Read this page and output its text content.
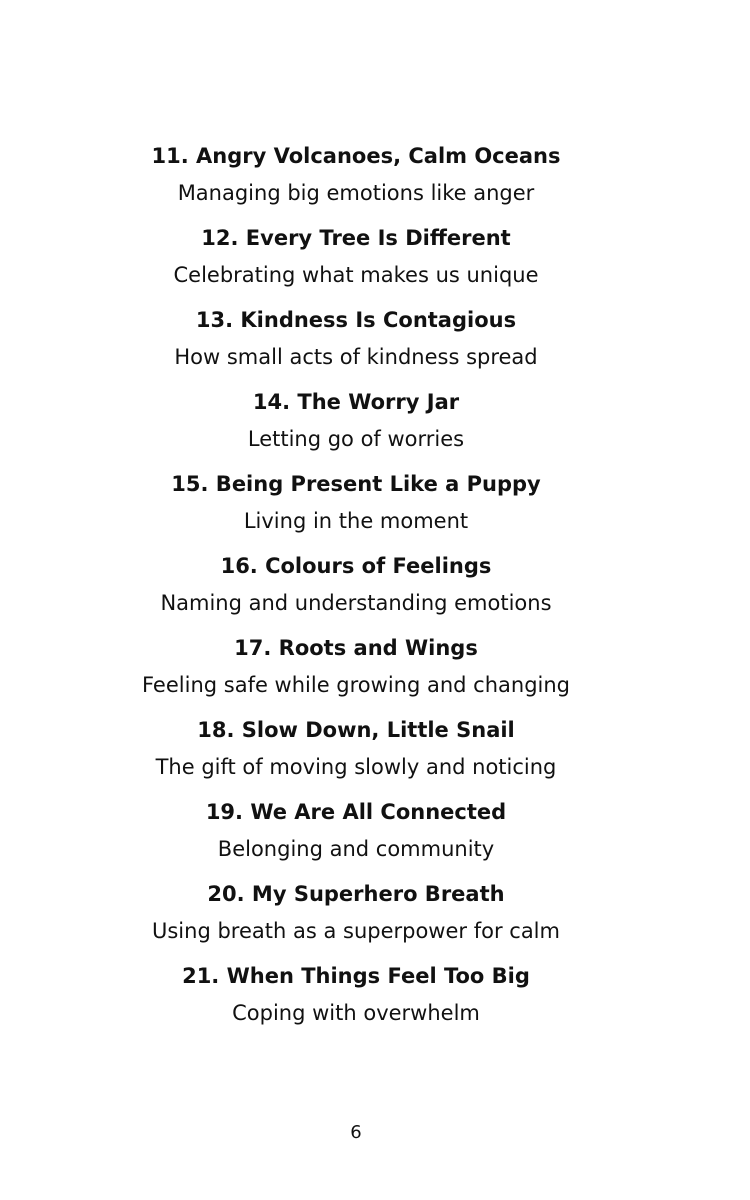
11. Angry Volcanoes, Calm Oceans
Managing big emotions like anger
12. Every Tree Is Different
Celebrating what makes us unique
13. Kindness Is Contagious
How small acts of kindness spread
14. The Worry Jar
Letting go of worries
15. Being Present Like a Puppy
Living in the moment
16. Colours of Feelings
Naming and understanding emotions
17. Roots and Wings
Feeling safe while growing and changing
18. Slow Down, Little Snail
The gift of moving slowly and noticing
19. We Are All Connected
Belonging and community
20. My Superhero Breath
Using breath as a superpower for calm
21. When Things Feel Too Big
Coping with overwhelm
6
